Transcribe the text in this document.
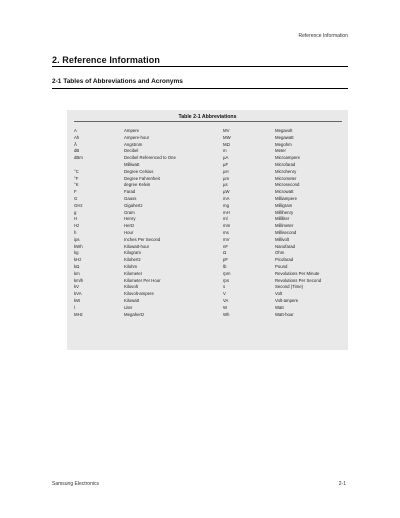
Reference Information
2. Reference Information
2-1 Tables of Abbreviations and Acronyms
Table 2-1 Abbreviations
A	Ampere	MV	Megavolt
Ah	Ampere-hour	MW	Megawatt
Å	Angstrom	MΩ	Megohm
dB	Decibel	m	Meter
dBm	Decibel Referenced to One	µA	Microampere
Milliwatt	µF	Microfarad
°C	Degree Celsius	µH	Microhenry
°F	Degree Fahrenheit	µm	Micrometer
°K	degree Kelvin	µs	Microsecond
F	Farad	µW	Microwatt
G	Gauss	mA	Milliampere
GHz	Gigahertz	mg	Milligram
g	Gram	mH	Millihenry
H	Henry	ml	Milliliter
Hz	Hertz	mm	Millimeter
h	Hour	ms	Millisecond
ips	Inches Per Second	mV	Millivolt
kWh	Kilowatt-hour	nF	Nanofarad
kg	Kilogram	Ω	Ohm
kHz	Kilohertz	pF	Picofarad
kΩ	Kilohm	lb	Pound
km	Kilometer	rpm	Revolutions Per Minute
km/h	Kilometer Per Hour	rps	Revolutions Per Second
kV	Kilovolt	s	Second (Time)
kVA	Kilovolt-ampere	V	Volt
kW	Kilowatt	VA	Volt-ampere
l	Liter	W	Watt
MHz	Megahertz	Wh	Watt-hour
Samsung Electronics	2-1
